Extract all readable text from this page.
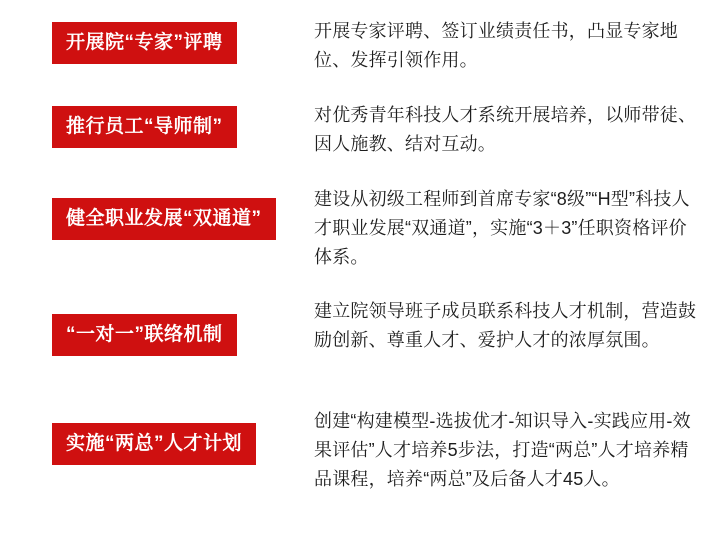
开展院“专家”评聘
开展专家评聘、签订业绩责任书，凸显专家地位、发挥引领作用。
推行员工“导师制”
对优秀青年科技人才系统开展培养，以师带徒、因人施教、结对互动。
健全职业发展“双通道”
建设从初级工程师到首席专家“8级”“H型”科技人才职业发展“双通道”，实施“3＋3”任职资格评价体系。
“一对一”联络机制
建立院领导班子成员联系科技人才机制，营造鼓励创新、尊重人才、爱护人才的浓厚氛围。
实施“两总”人才计划
创建“构建模型-选拔优才-知识导入-实践应用-效果评估”人才培养5步法，打造“两总”人才培养精品课程，培养“两总”及后备人才45人。
